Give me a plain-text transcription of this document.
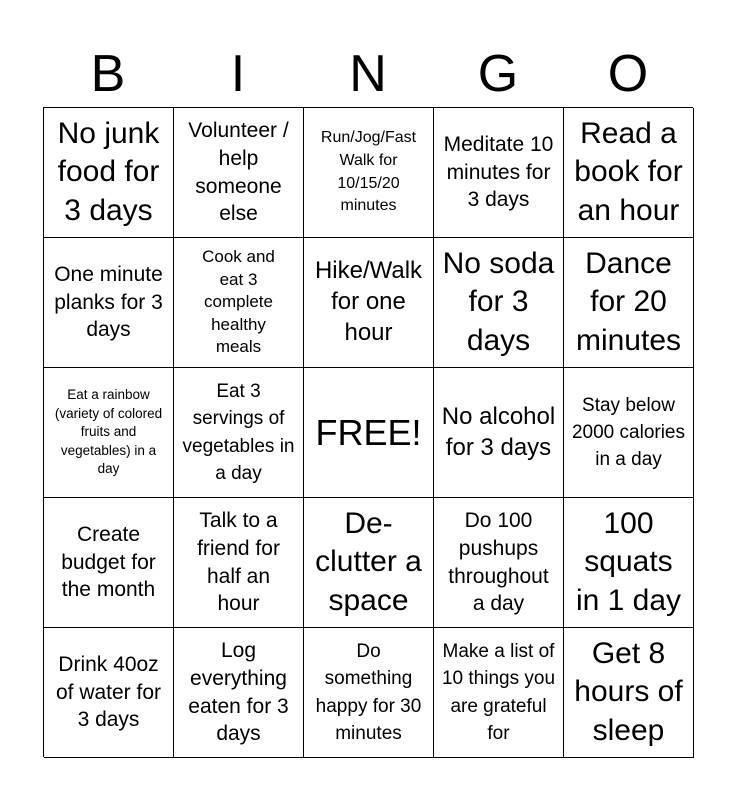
B	I	N	G	O
No junk food for 3 days
Volunteer / help someone else
Run/Jog/Fast Walk for 10/15/20 minutes
Meditate 10 minutes for 3 days
Read a book for an hour
One minute planks for 3 days
Cook and eat 3 complete healthy meals
Hike/Walk for one hour
No soda for 3 days
Dance for 20 minutes
Eat a rainbow (variety of colored fruits and vegetables) in a day
Eat 3 servings of vegetables in a day
FREE! No alcohol for 3 days
Stay below 2000 calories in a day
Create budget for the month
Talk to a friend for half an hour
De-clutter a space
Do 100 pushups throughout a day
100 squats in 1 day
Drink 40oz of water for 3 days
Log everything eaten for 3 days
Do something happy for 30 minutes
Make a list of 10 things you are grateful for
Get 8 hours of sleep
